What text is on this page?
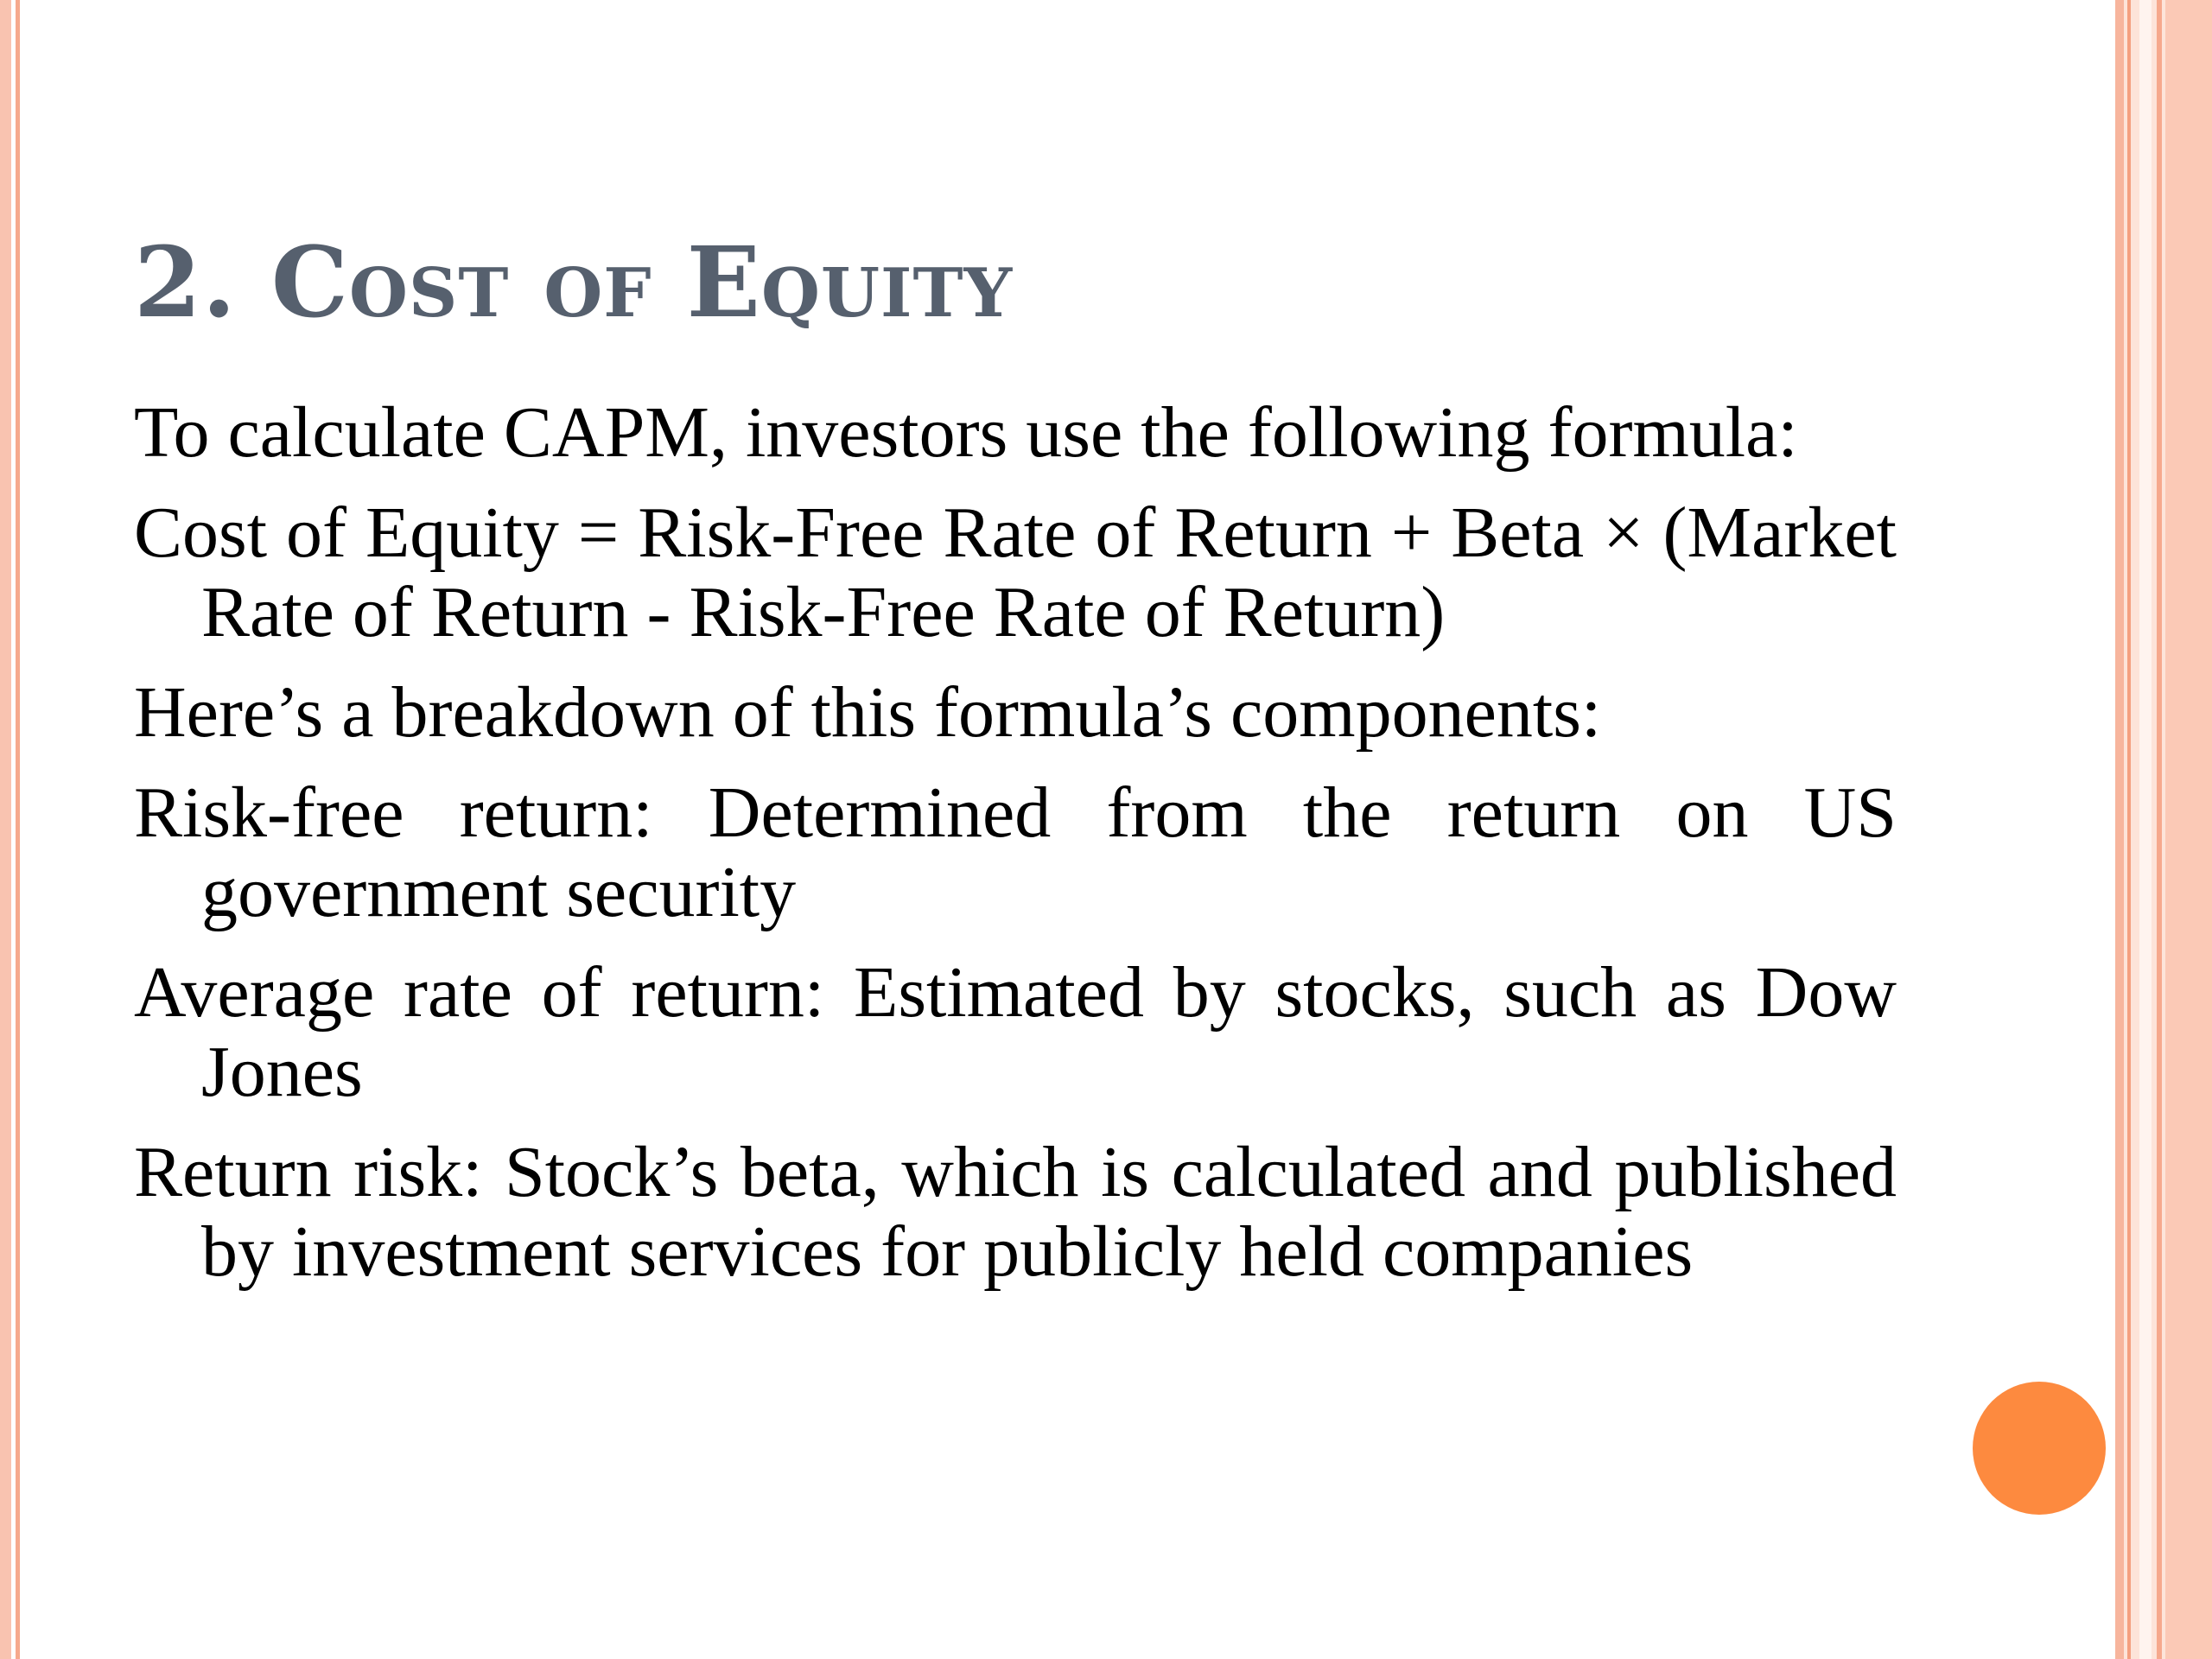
2. Cost of Equity

To calculate CAPM, investors use the following formula:

Cost of Equity = Risk-Free Rate of Return + Beta × (Market Rate of Return - Risk-Free Rate of Return)

Here’s a breakdown of this formula’s components:

Risk-free return: Determined from the return on US government security

Average rate of return: Estimated by stocks, such as Dow Jones

Return risk: Stock’s beta, which is calculated and published by investment services for publicly held companies
